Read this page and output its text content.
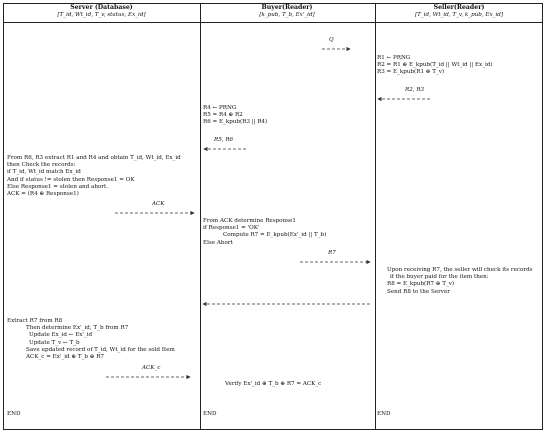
Server (Database)	Buyer(Reader)	Seller(Reader)
[T_id, Wt_id, T_v, status, Ex_id]	[k_pub, T_b, Ex'_id]	[T_id, Wt_id, T_v, k_pub, Ex_id]
Q
R2, R3
R5, R6
ACK
R7
ACK_c
R1 ← PRNG
R2 = R1 ⊕ E_kpub(T_id || Wt_id || Ex_id)
R3 = E_kpub(R1 ⊕ T_v)
R4 ← PRNG
R5 = R4 ⊕ R2
R6 = E_kpub(R3 || R4)
From R6, R3 extract R1 and R4 and obtain T_id, Wt_id, Ex_id
then Check the records:
if T_id, Wt_id match Ex_id
And if status != stolen then Response1 = OK
Else Response1 = stolen and abort.
ACK = (R4 ⊕ Response1)
From ACK determine Response1
if Response1 = 'OK'
Compute R7 = E_kpub(Ex'_id || T_b)
Else Abort
Upon receiving R7, the seller will check its records
if the buyer paid for the item then:
R8 = E_kpub(R7 ⊕ T_v)
Send R8 to the Server
Extract R7 from R8
Then determine Ex'_id, T_b from R7
Update Ex_id ← Ex'_id
Update T_v ← T_b
Save updated record of T_id, Wt_id for the sold Item
ACK_c = Ex'_id ⊕ T_b ⊕ R7
Verify Ex'_id ⊕ T_b ⊕ R7 = ACK_c
END	END	END
